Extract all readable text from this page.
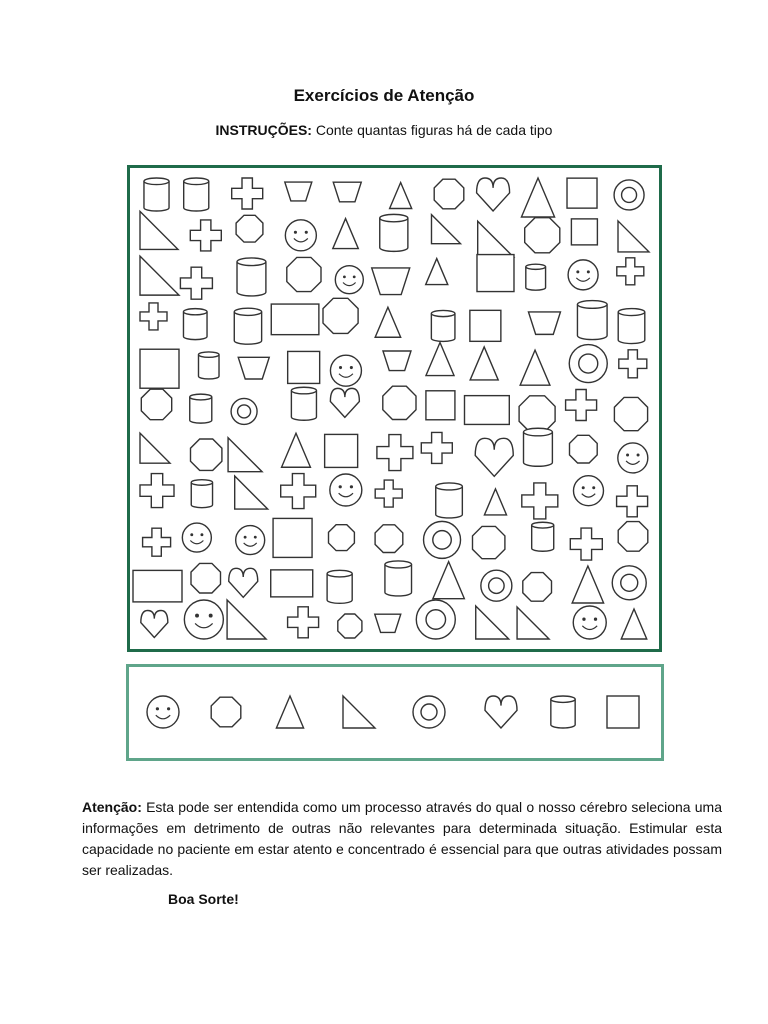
Exercícios de Atenção
INSTRUÇÕES: Conte quantas figuras há de cada tipo
Atenção: Esta pode ser entendida como um processo através do qual o nosso cérebro seleciona uma informações em detrimento de outras não relevantes para determinada situação. Estimular esta capacidade no paciente em estar atento e concentrado é essencial para que outras atividades possam ser realizadas.
Boa Sorte!
